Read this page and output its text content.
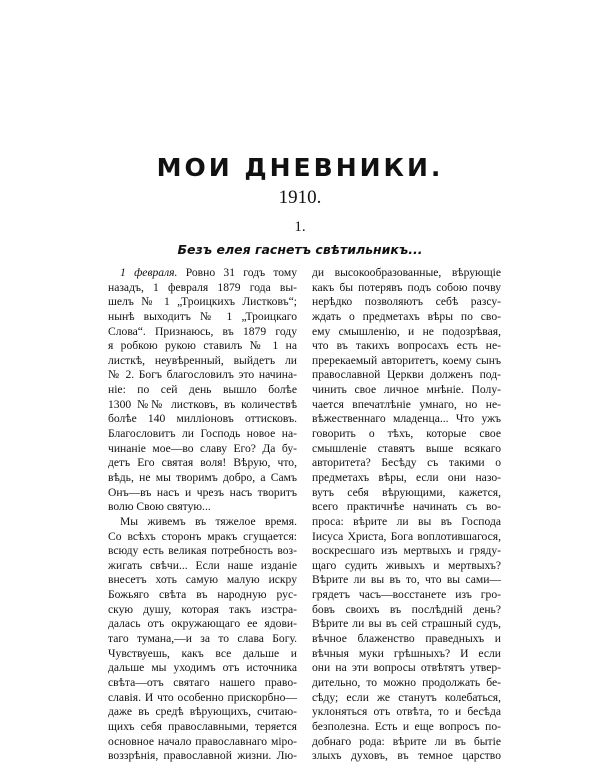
МОИ ДНЕВНИКИ.
1910.
1.
Безъ елея гаснетъ свѣтильникъ...
1 февраля. Ровно 31 годъ тому
назадъ, 1 февраля 1879 года вы-
шелъ № 1 „Троицкихъ Листковъ“;
нынѣ выходитъ № 1 „Троицкаго
Слова“. Признаюсь, въ 1879 году
я робкою рукою ставилъ № 1 на
листкѣ, неувѣренный, выйдетъ ли
№ 2. Богъ благословилъ это начина-
ніе: по сей день вышло болѣе
1300 №№ листковъ, въ количествѣ
болѣе 140 милліоновъ оттисковъ.
Благословитъ ли Господь новое на-
чинаніе мое—во славу Его? Да бу-
детъ Его святая воля! Вѣрую, что,
вѣдь, не мы творимъ добро, а Самъ
Онъ—въ насъ и чрезъ насъ творитъ
волю Свою святую...
Мы живемъ въ тяжелое время.
Со всѣхъ сторонъ мракъ сгущается:
всюду есть великая потребность воз-
жигать свѣчи... Если наше изданіе
внесетъ хоть самую малую искру
Божьяго свѣта въ народную рус-
скую душу, которая такъ изстра-
далась отъ окружающаго ее ядови-
таго тумана,—и за то слава Богу.
Чувствуешь, какъ все дальше и
дальше мы уходимъ отъ источника
свѣта—отъ святаго нашего право-
славія. И что особенно прискорбно—
даже въ средѣ вѣрующихъ, считаю-
щихъ себя православными, теряется
основное начало православнаго міро-
воззрѣнія, православной жизни. Лю-
ди высокообразованные, вѣрующіе
какъ бы потерявъ подъ собою почву
нерѣдко позволяютъ себѣ разсу-
ждать о предметахъ вѣры по сво-
ему смышленію, и не подозрѣвая,
что въ такихъ вопросахъ есть не-
пререкаемый авторитетъ, коему сынъ
православной Церкви долженъ под-
чинить свое личное мнѣніе. Полу-
чается впечатлѣніе умнаго, но не-
вѣжественнаго младенца... Что ужъ
говорить о тѣхъ, которые свое
смышленіе ставятъ выше всякаго
авторитета? Бесѣду съ такими о
предметахъ вѣры, если они назо-
вутъ себя вѣрующими, кажется,
всего практичнѣе начинать съ во-
проса: вѣрите ли вы въ Господа
Іисуса Христа, Бога воплотившагося,
воскресшаго изъ мертвыхъ и гряду-
щаго судить живыхъ и мертвыхъ?
Вѣрите ли вы въ то, что вы сами—
грядетъ часъ—восстанете изъ гро-
бовъ своихъ въ послѣдній день?
Вѣрите ли вы въ сей страшный судъ,
вѣчное блаженство праведныхъ и
вѣчныя муки грѣшныхъ? И если
они на эти вопросы отвѣтятъ утвер-
дительно, то можно продолжать бе-
сѣду; если же станутъ колебаться,
уклоняться отъ отвѣта, то и бесѣда
безполезна. Есть и еще вопросъ по-
добнаго рода: вѣрите ли въ бытіе
злыхъ духовъ, въ темное царство
